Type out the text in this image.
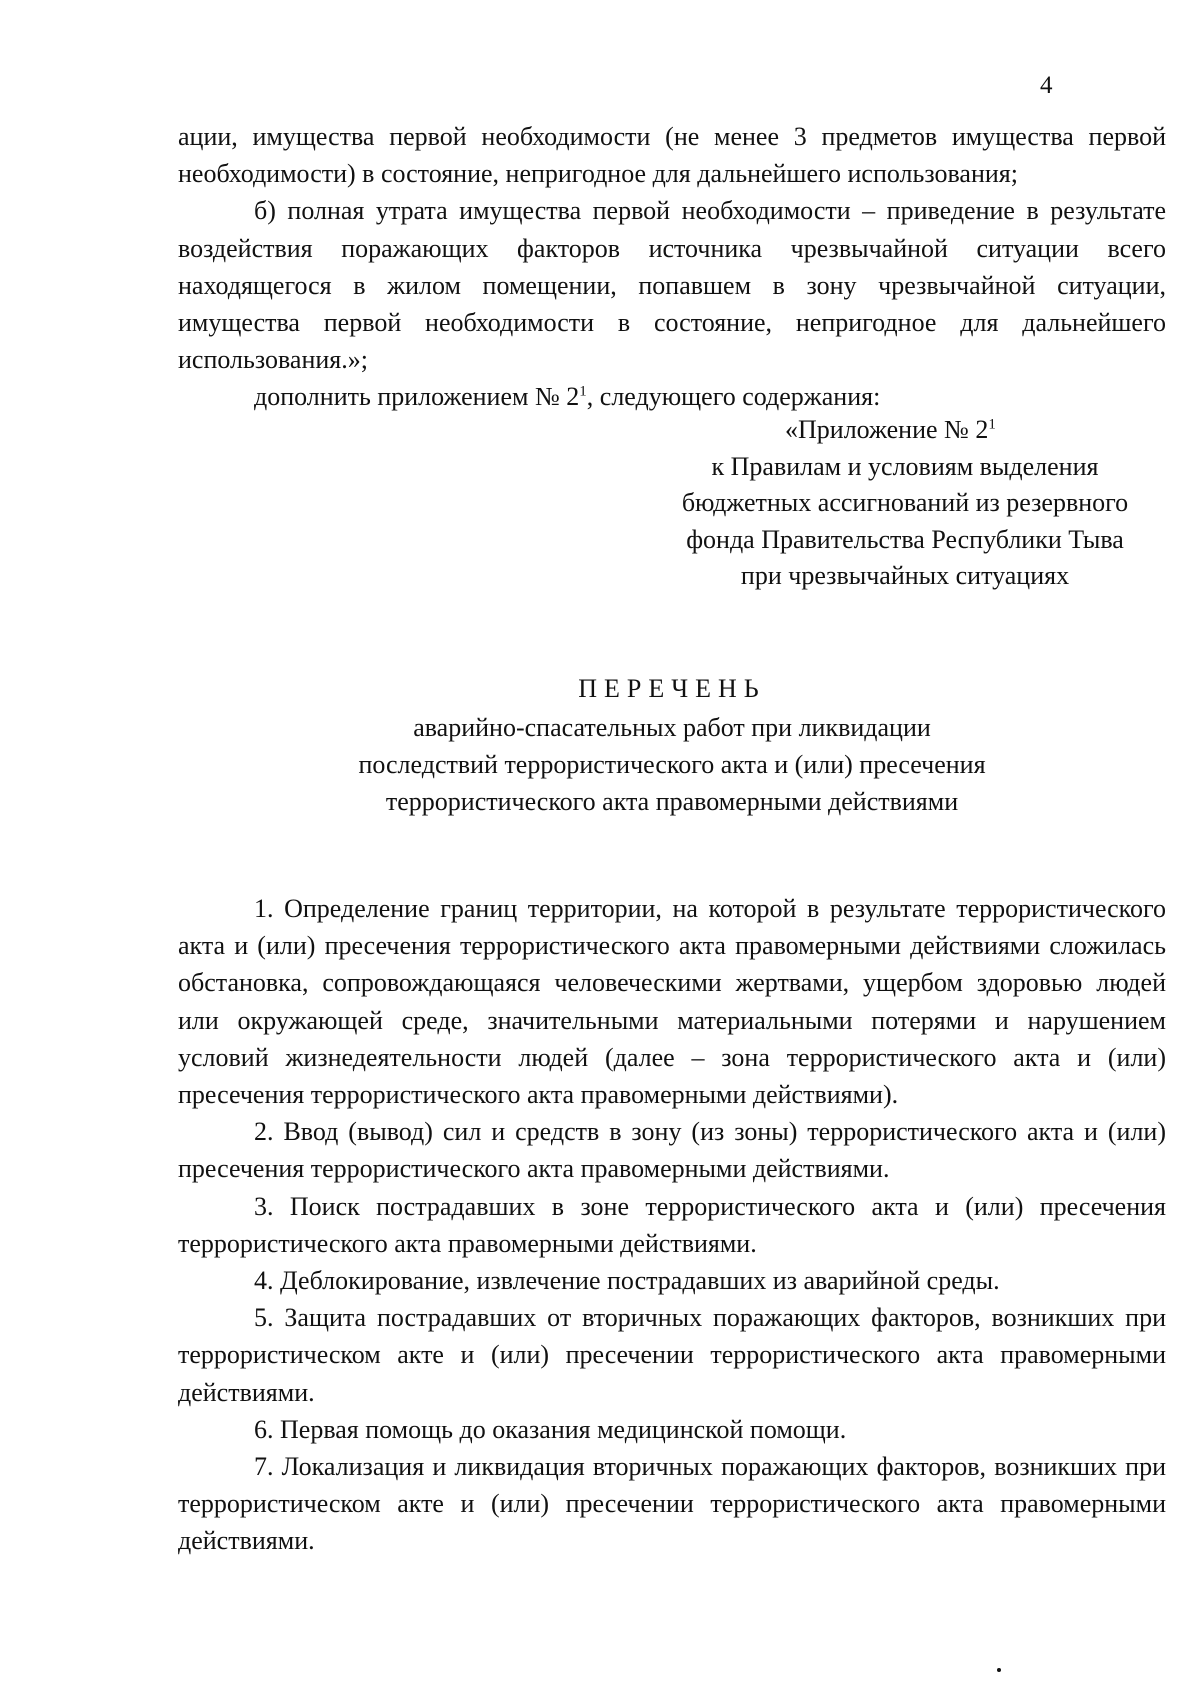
4

ации, имущества первой необходимости (не менее 3 предметов имущества первой необходимости) в состояние, непригодное для дальнейшего использования;

б) полная утрата имущества первой необходимости – приведение в результате воздействия поражающих факторов источника чрезвычайной ситуации всего находящегося в жилом помещении, попавшем в зону чрезвычайной ситуации, имущества первой необходимости в состояние, непригодное для дальнейшего использования.»;

дополнить приложением № $2^1$, следующего содержания:

«Приложение № $2^1$
к Правилам и условиям выделения
бюджетных ассигнований из резервного
фонда Правительства Республики Тыва
при чрезвычайных ситуациях
ПЕРЕЧЕНЬ
аварийно-спасательных работ при ликвидации
последствий террористического акта и (или) пресечения
террористического акта правомерными действиями

1. Определение границ территории, на которой в результате террористического акта и (или) пресечения террористического акта правомерными действиями сложилась обстановка, сопровождающаяся человеческими жертвами, ущербом здоровью людей или окружающей среде, значительными материальными потерями и нарушением условий жизнедеятельности людей (далее – зона террористического акта и (или) пресечения террористического акта правомерными действиями).

2. Ввод (вывод) сил и средств в зону (из зоны) террористического акта и (или) пресечения террористического акта правомерными действиями.

3. Поиск пострадавших в зоне террористического акта и (или) пресечения террористического акта правомерными действиями.

4. Деблокирование, извлечение пострадавших из аварийной среды.

5. Защита пострадавших от вторичных поражающих факторов, возникших при террористическом акте и (или) пресечении террористического акта правомерными действиями.

6. Первая помощь до оказания медицинской помощи.

7. Локализация и ликвидация вторичных поражающих факторов, возникших при террористическом акте и (или) пресечении террористического акта правомерными действиями.
